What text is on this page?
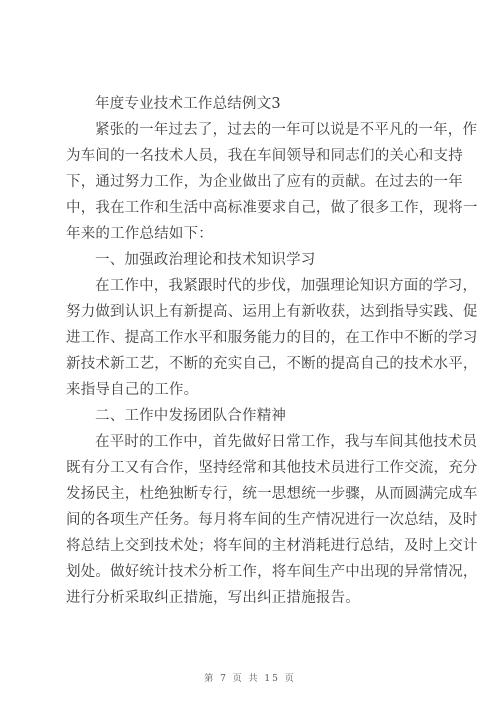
年度专业技术工作总结例文3
紧张的一年过去了，过去的一年可以说是不平凡的一年，作
为车间的一名技术人员，我在车间领导和同志们的关心和支持
下，通过努力工作，为企业做出了应有的贡献。在过去的一年
中，我在工作和生活中高标准要求自己，做了很多工作，现将一
年来的工作总结如下：
一、加强政治理论和技术知识学习
在工作中，我紧跟时代的步伐，加强理论知识方面的学习，
努力做到认识上有新提高、运用上有新收获，达到指导实践、促
进工作、提高工作水平和服务能力的目的，在工作中不断的学习
新技术新工艺，不断的充实自己，不断的提高自己的技术水平，
来指导自己的工作。
二、工作中发扬团队合作精神
在平时的工作中，首先做好日常工作，我与车间其他技术员
既有分工又有合作，坚持经常和其他技术员进行工作交流，充分
发扬民主，杜绝独断专行，统一思想统一步骤，从而圆满完成车
间的各项生产任务。每月将车间的生产情况进行一次总结，及时
将总结上交到技术处；将车间的主材消耗进行总结，及时上交计
划处。做好统计技术分析工作，将车间生产中出现的异常情况，
进行分析采取纠正措施，写出纠正措施报告。
第 7 页 共 15 页
